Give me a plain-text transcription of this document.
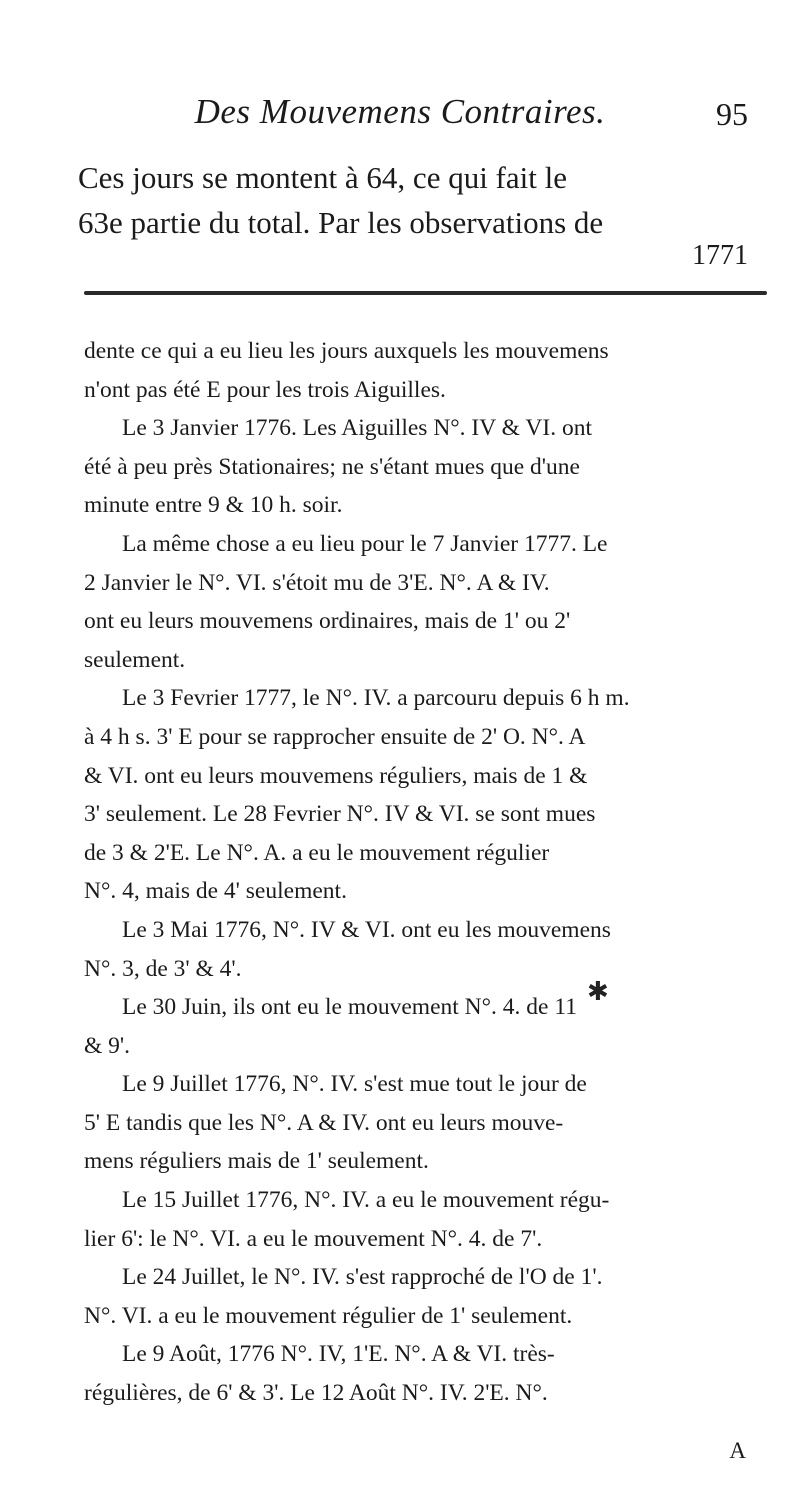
Des Mouvemens Contraires.	95
Ces jours se montent à 64, ce qui fait le
63e partie du total. Par les observations de
1771
dente ce qui a eu lieu les jours auxquels les mouvemens
n'ont pas été E pour les trois Aiguilles.
Le 3 Janvier 1776. Les Aiguilles N°. IV & VI. ont
été à peu près Stationaires; ne s'étant mues que d'une
minute entre 9 & 10 h. soir.
La même chose a eu lieu pour le 7 Janvier 1777. Le
2 Janvier le N°. VI. s'étoit mu de 3'E. N°. A & IV.
ont eu leurs mouvemens ordinaires, mais de 1' ou 2'
seulement.
Le 3 Fevrier 1777, le N°. IV. a parcouru depuis 6 h m.
à 4 h s. 3' E pour se rapprocher ensuite de 2' O. N°. A
& VI. ont eu leurs mouvemens réguliers, mais de 1 &
3' seulement. Le 28 Fevrier N°. IV & VI. se sont mues
de 3 & 2'E. Le N°. A. a eu le mouvement régulier
N°. 4, mais de 4' seulement.
Le 3 Mai 1776, N°. IV & VI. ont eu les mouvemens
N°. 3, de 3' & 4'.
Le 30 Juin, ils ont eu le mouvement N°. 4. de 11
& 9'.
Le 9 Juillet 1776, N°. IV. s'est mue tout le jour de
5' E tandis que les N°. A & IV. ont eu leurs mouve-
mens réguliers mais de 1' seulement.
Le 15 Juillet 1776, N°. IV. a eu le mouvement régu-
lier 6': le N°. VI. a eu le mouvement N°. 4. de 7'.
Le 24 Juillet, le N°. IV. s'est rapproché de l'O de 1'.
N°. VI. a eu le mouvement régulier de 1' seulement.
Le 9 Août, 1776 N°. IV, 1'E. N°. A & VI. très-
régulières, de 6' & 3'. Le 12 Août N°. IV. 2'E. N°.
✱
A
